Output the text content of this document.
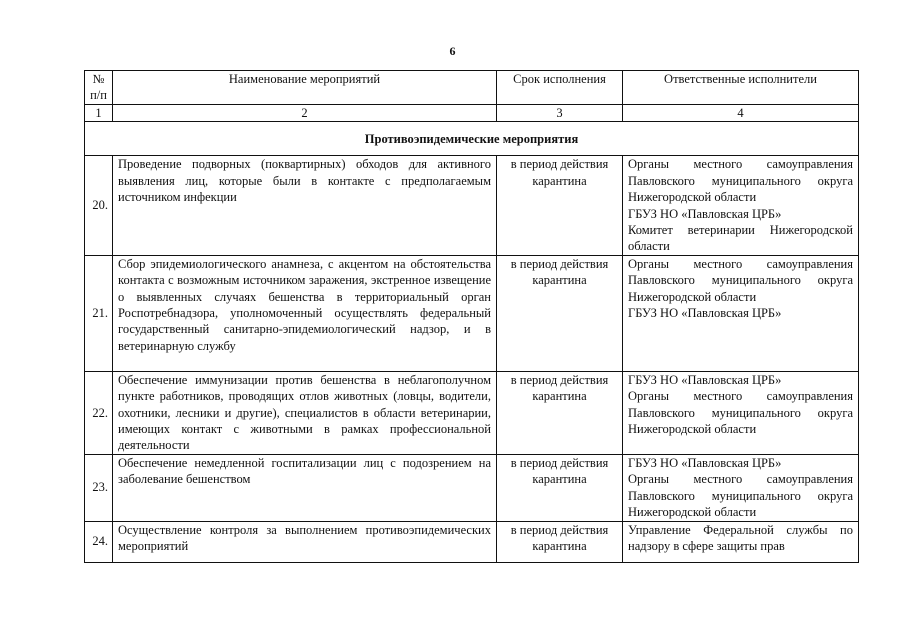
6
№ п/п	Наименование мероприятий	Срок исполнения	Ответственные исполнители
1	2	3	4
Противоэпидемические мероприятия			
20.	Проведение подворных (поквартирных) обходов для активного выявления лиц, которые были в контакте с предполагаемым источником инфекции	в период действия карантина	Органы местного самоуправления Павловского муниципального округа Нижегородской области
ГБУЗ НО «Павловская ЦРБ»
Комитет ветеринарии Нижегородской области

21.	Сбор эпидемиологического анамнеза, с акцентом на обстоятельства контакта с возможным источником заражения, экстренное извещение о выявленных случаях бешенства в территориальный орган Роспотребнадзора, уполномоченный осуществлять федеральный государственный санитарно-эпидемиологический надзор, и в ветеринарную службу	в период действия карантина	Органы местного самоуправления Павловского муниципального округа Нижегородской области
ГБУЗ НО «Павловская ЦРБ»

22.	Обеспечение иммунизации против бешенства в неблагополучном пункте работников, проводящих отлов животных (ловцы, водители, охотники, лесники и другие), специалистов в области ветеринарии, имеющих контакт с животными в рамках профессиональной деятельности	в период действия карантина	ГБУЗ НО «Павловская ЦРБ»
Органы местного самоуправления Павловского муниципального округа Нижегородской области

23.	Обеспечение немедленной госпитализации лиц с подозрением на заболевание бешенством	в период действия карантина	ГБУЗ НО «Павловская ЦРБ»
Органы местного самоуправления Павловского муниципального округа Нижегородской области

24.	Осуществление контроля за выполнением противоэпидемических мероприятий	в период действия карантина	Управление Федеральной службы по надзору в сфере защиты прав
